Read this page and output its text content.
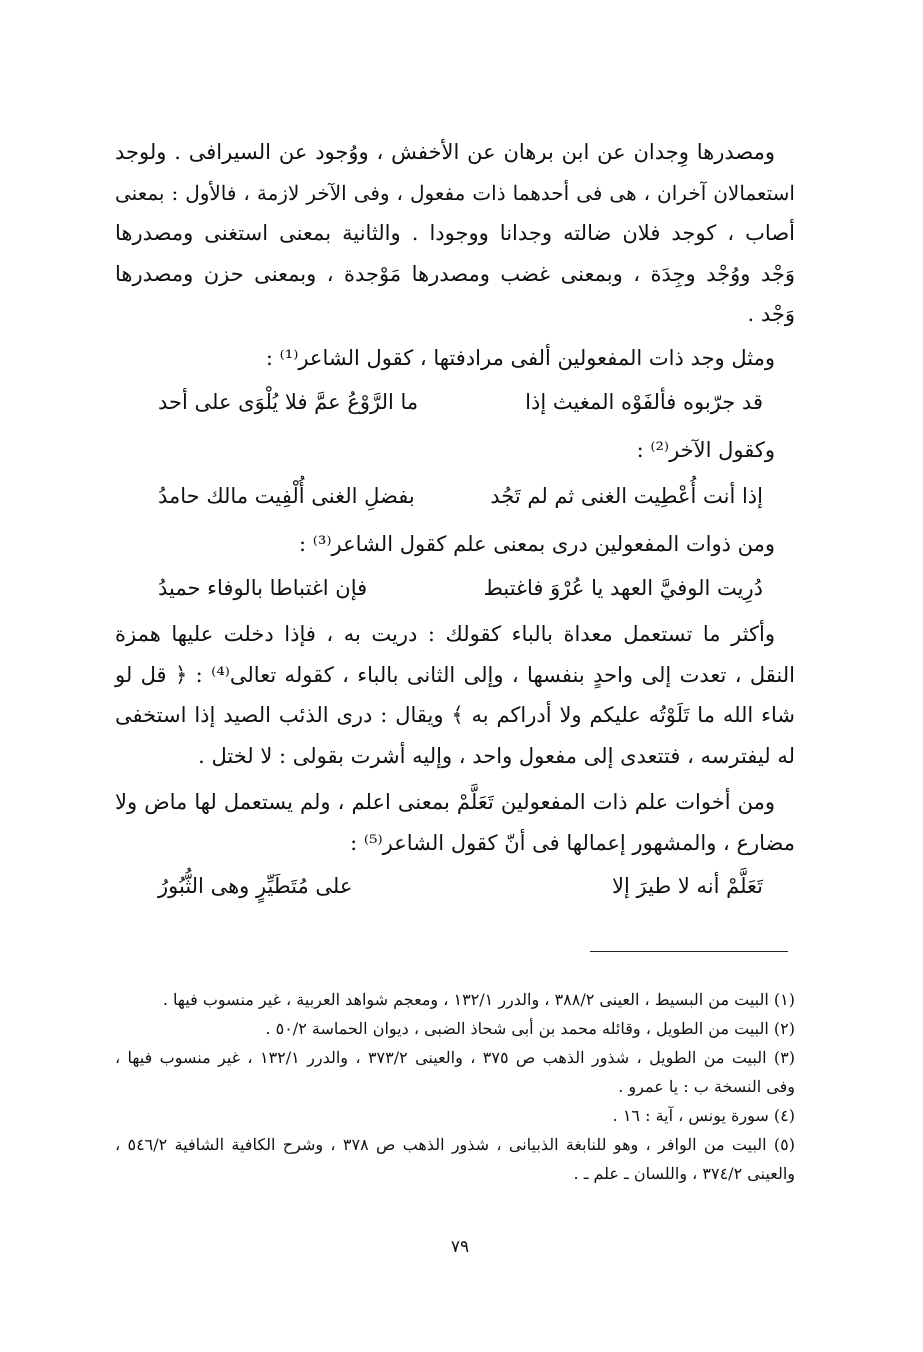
ومصدرها وِجدان عن ابن برهان عن الأخفش ، ووُجود عن السيرافى . ولوجد
استعمالان آخران ، هى فى أحدهما ذات مفعول ، وفى الآخر لازمة ، فالأول : بمعنى
أصاب ، كوجد فلان ضالته وجدانا ووجودا . والثانية بمعنى استغنى ومصدرها
وَجْد ووُجْد وجِدَة ، وبمعنى غضب ومصدرها مَوْجدة ، وبمعنى حزن ومصدرها
وَجْد .

ومثل وجد ذات المفعولين ألفى مرادفتها ، كقول الشاعر⁽¹⁾ :

قد جرّبوه فألفَوْه المغيث إذا
ما الرَّوْعُ عمَّ فلا يُلْوَى على أحد

وكقول الآخر⁽²⁾ :

إذا أنت أُعْطِيت الغنى ثم لم تَجُد
بفضلِ الغنى أُلْفِيت مالك حامدُ

ومن ذوات المفعولين درى بمعنى علم كقول الشاعر⁽³⁾ :

دُرِيت الوفيَّ العهد يا عُرْوَ فاغتبط
فإن اغتباطا بالوفاء حميدُ

وأكثر ما تستعمل معداة بالباء كقولك : دريت به ، فإذا دخلت عليها همزة
النقل ، تعدت إلى واحدٍ بنفسها ، وإلى الثانى بالباء ، كقوله تعالى⁽⁴⁾ : ﴿ قل لو
شاء الله ما تَلَوْتُه عليكم ولا أدراكم به ﴾ ويقال : درى الذئب الصيد إذا استخفى
له ليفترسه ، فتتعدى إلى مفعول واحد ، وإليه أشرت بقولى : لا لختل .

ومن أخوات علم ذات المفعولين تَعَلَّمْ بمعنى اعلم ، ولم يستعمل لها ماض ولا
مضارع ، والمشهور إعمالها فى أنّ كقول الشاعر⁽⁵⁾ :

تَعَلَّمْ أنه لا طيرَ إلا
على مُتَطَيِّرٍ وهى الثُّبُورُ
(١) البيت من البسيط ، العينى ٣٨٨/٢ ، والدرر ١٣٢/١ ، ومعجم شواهد العربية ، غير منسوب فيها .
(٢) البيت من الطويل ، وقائله محمد بن أبى شحاذ الضبى ، ديوان الحماسة ٥٠/٢ .
(٣) البيت من الطويل ، شذور الذهب ص ٣٧٥ ، والعينى ٣٧٣/٢ ، والدرر ١٣٢/١ ، غير منسوب فيها ،
وفى النسخة ب : يا عمرو .
(٤) سورة يونس ، آية : ١٦ .
(٥) البيت من الوافر ، وهو للنابغة الذبيانى ، شذور الذهب ص ٣٧٨ ، وشرح الكافية الشافية ٥٤٦/٢ ،
والعينى ٣٧٤/٢ ، واللسان ـ علم ـ .
٧٩
